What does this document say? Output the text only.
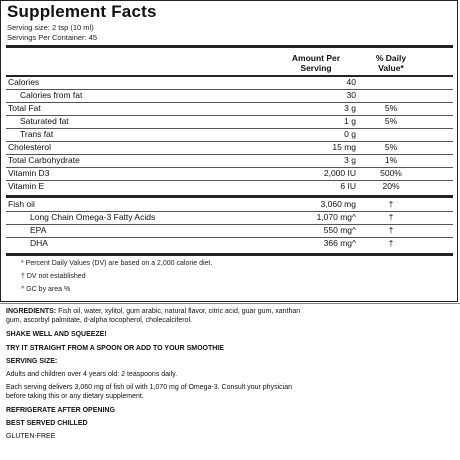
Supplement Facts
Serving size: 2 tsp (10 ml)
Servings Per Container: 45
Amount Per
Serving
% Daily
Value*
Calories	40
Calories from fat	30
Total Fat	3 g	5%
Saturated fat	1 g	5%
Trans fat	0 g
Cholesterol	15 mg	5%
Total Carbohydrate	3 g	1%
Vitamin D3	2,000 IU	500%
Vitamin E	6 IU	20%
Fish oil	3,060 mg	†
Long Chain Omega-3 Fatty Acids	1,070 mg^	†
EPA	550 mg^	†
DHA	366 mg^	†
* Percent Daily Values (DV) are based on a 2,000 calorie diet.
† DV not established
^ GC by area %
INGREDIENTS: Fish oil, water, xylitol, gum arabic, natural flavor, citric acid, guar gum, xanthan
gum, ascorbyl palmitate, d-alpha tocopherol, cholecalciferol.
SHAKE WELL AND SQUEEZE!
TRY IT STRAIGHT FROM A SPOON OR ADD TO YOUR SMOOTHIE
SERVING SIZE:
Adults and children over 4 years old: 2 teaspoons daily.
Each serving delivers 3,060 mg of fish oil with 1,070 mg of Omega-3. Consult your physician
before taking this or any dietary supplement.
REFRIGERATE AFTER OPENING
BEST SERVED CHILLED
GLUTEN-FREE
